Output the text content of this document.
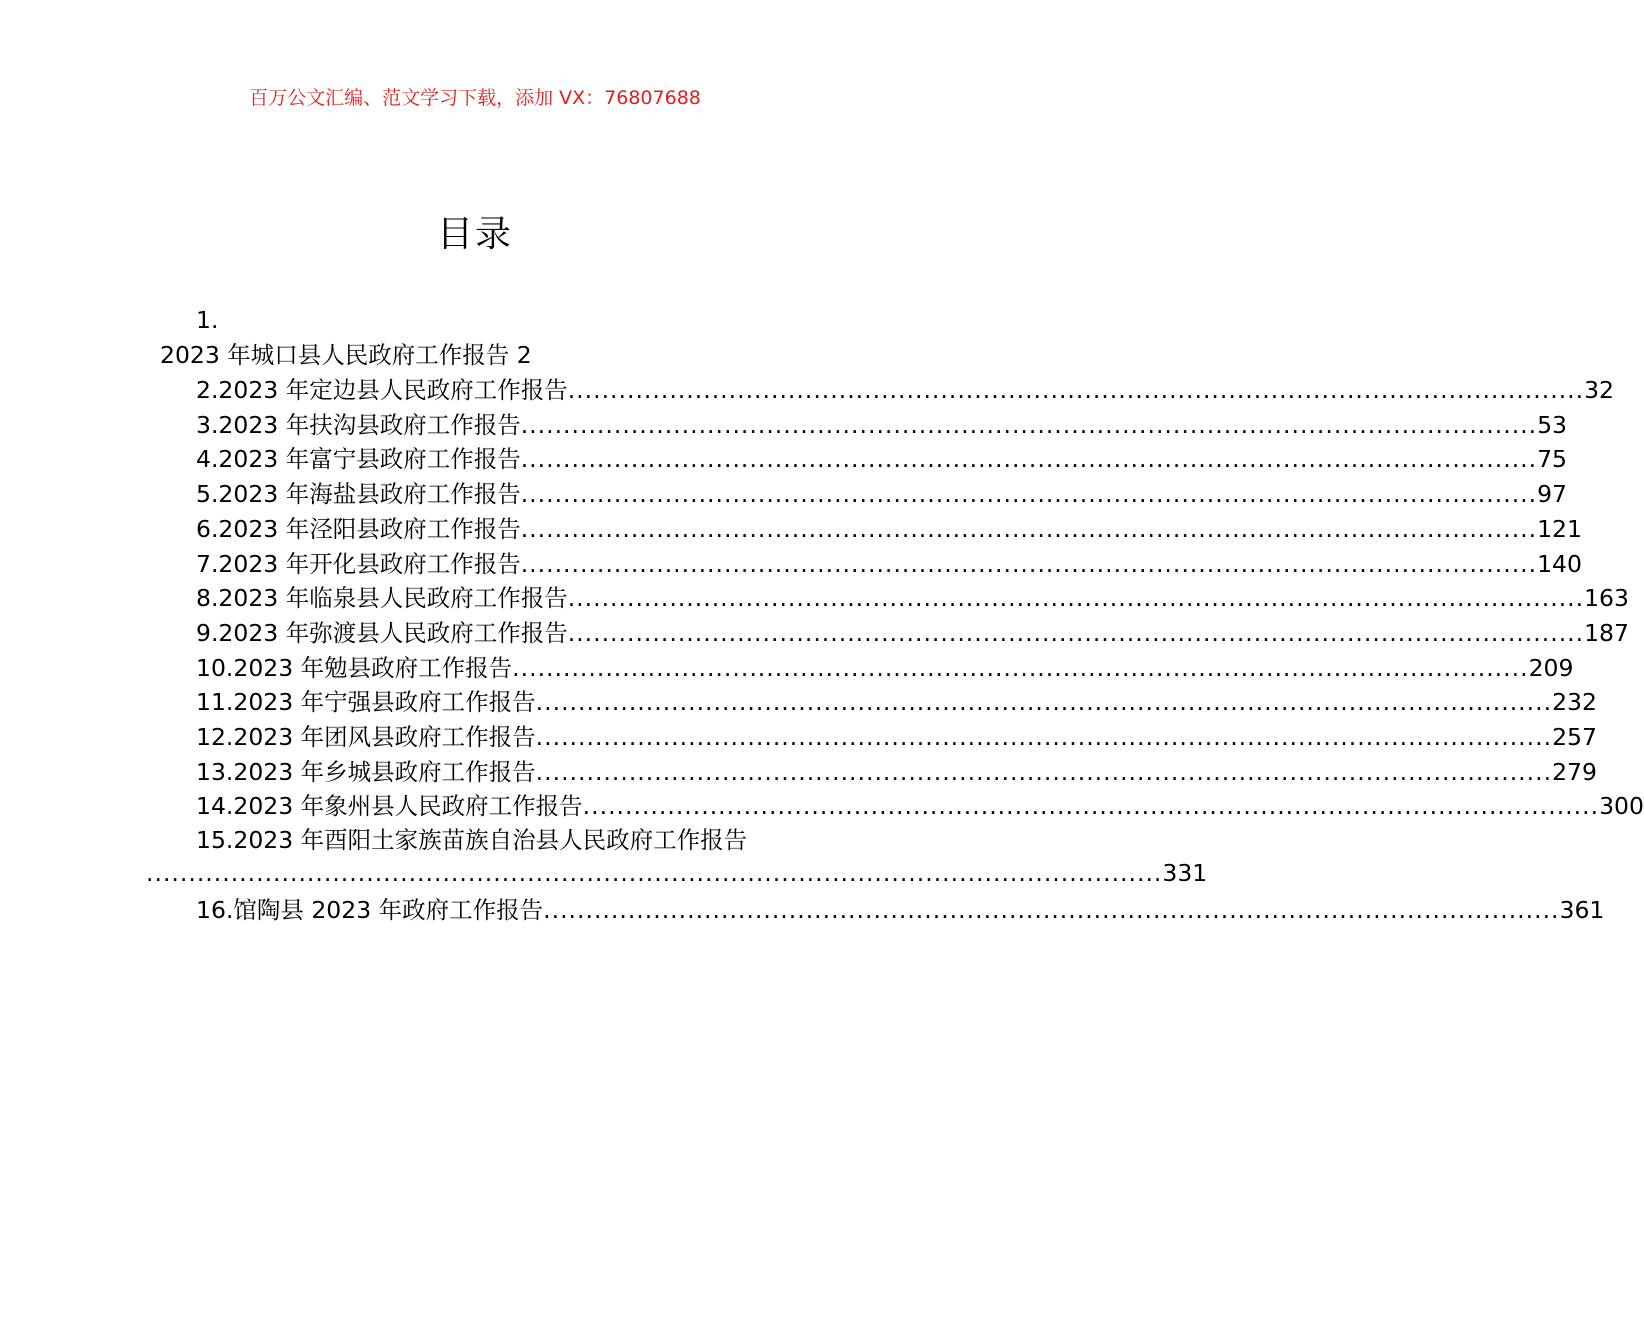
百万公文汇编、范文学习下载，添加 VX：76807688
目录
1.
2023 年城口县人民政府工作报告 2
2.2023 年定边县人民政府工作报告 ........................................................................................................................ 32
3.2023 年扶沟县政府工作报告 ........................................................................................................................ 53
4.2023 年富宁县政府工作报告 ........................................................................................................................ 75
5.2023 年海盐县政府工作报告 ........................................................................................................................ 97
6.2023 年泾阳县政府工作报告 ........................................................................................................................ 121
7.2023 年开化县政府工作报告 ........................................................................................................................ 140
8.2023 年临泉县人民政府工作报告 ........................................................................................................................ 163
9.2023 年弥渡县人民政府工作报告 ........................................................................................................................ 187
10.2023 年勉县政府工作报告 ........................................................................................................................ 209
11.2023 年宁强县政府工作报告 ........................................................................................................................ 232
12.2023 年团风县政府工作报告 ........................................................................................................................ 257
13.2023 年乡城县政府工作报告 ........................................................................................................................ 279
14.2023 年象州县人民政府工作报告 ........................................................................................................................ 300
15.2023 年酉阳土家族苗族自治县人民政府工作报告
........................................................................................................................ 331
16.馆陶县 2023 年政府工作报告 ........................................................................................................................ 361
